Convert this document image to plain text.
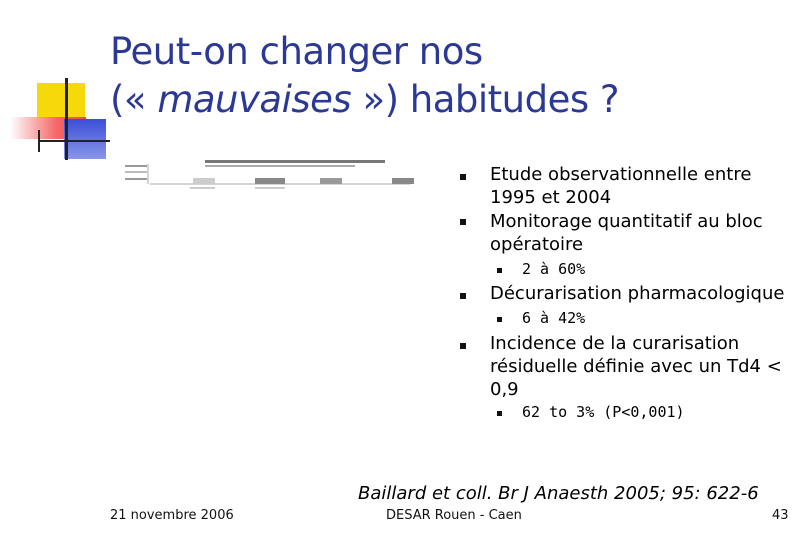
Peut-on changer nos
(« mauvaises ») habitudes ?
Etude observationnelle entre
1995 et 2004
Monitorage quantitatif au bloc
opératoire
2 à 60%
Décurarisation pharmacologique
6 à 42%
Incidence de la curarisation
résiduelle définie avec un Td4 <
0,9
62 to 3% (P<0,001)
Baillard et coll. Br J Anaesth 2005; 95: 622-6
21 novembre 2006	DESAR Rouen - Caen	43
